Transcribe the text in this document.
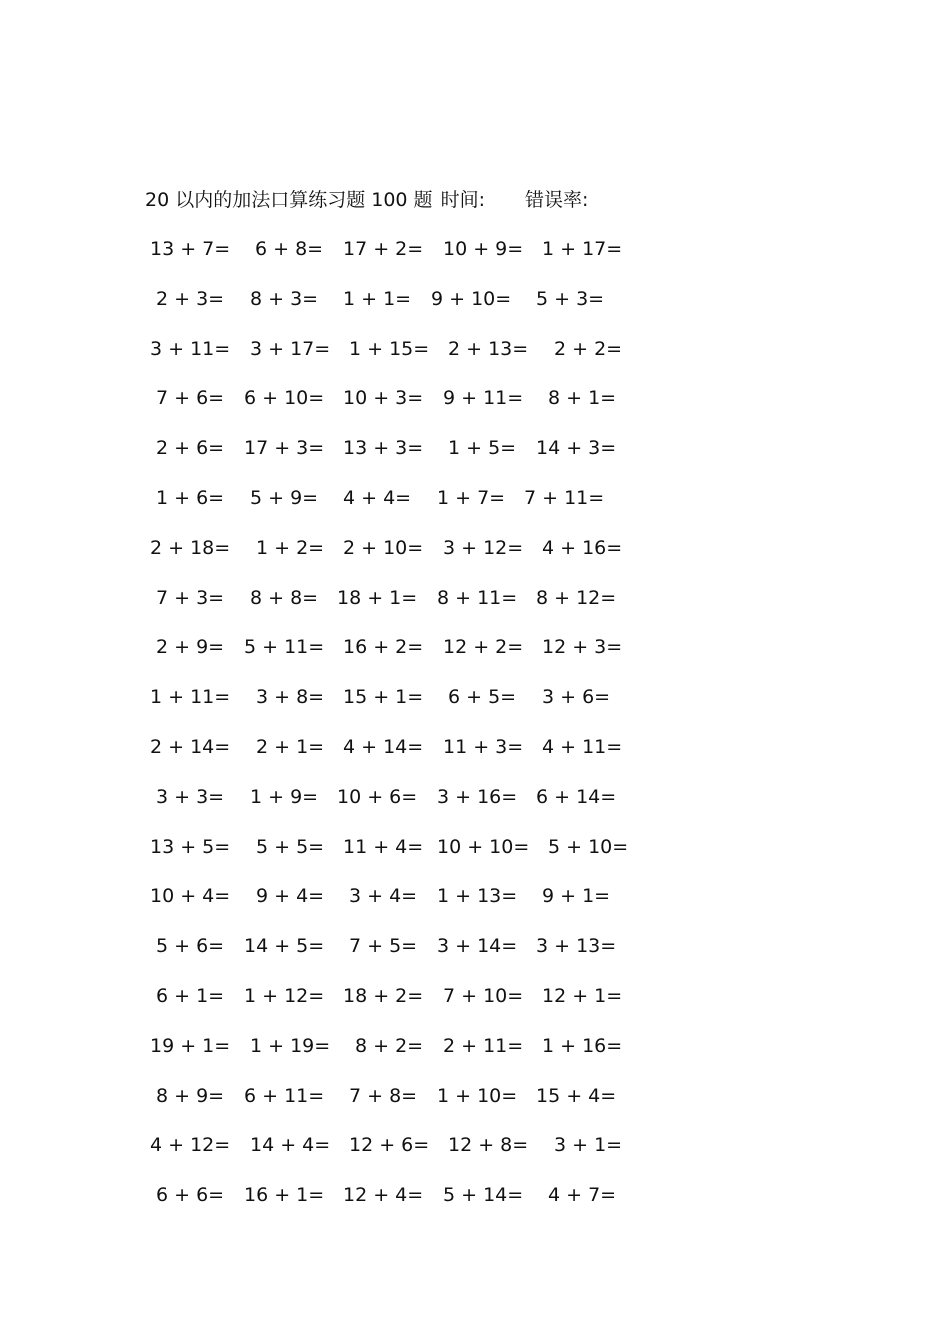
20 以内的加法口算练习题 100 题 时间: 错误率:
13 + 7= 6 + 8= 17 + 2= 10 + 9= 1 + 17=
2 + 3= 8 + 3= 1 + 1= 9 + 10= 5 + 3=
3 + 11= 3 + 17= 1 + 15= 2 + 13= 2 + 2=
7 + 6= 6 + 10= 10 + 3= 9 + 11= 8 + 1=
2 + 6= 17 + 3= 13 + 3= 1 + 5= 14 + 3=
1 + 6= 5 + 9= 4 + 4= 1 + 7= 7 + 11=
2 + 18= 1 + 2= 2 + 10= 3 + 12= 4 + 16=
7 + 3= 8 + 8= 18 + 1= 8 + 11= 8 + 12=
2 + 9= 5 + 11= 16 + 2= 12 + 2= 12 + 3=
1 + 11= 3 + 8= 15 + 1= 6 + 5= 3 + 6=
2 + 14= 2 + 1= 4 + 14= 11 + 3= 4 + 11=
3 + 3= 1 + 9= 10 + 6= 3 + 16= 6 + 14=
13 + 5= 5 + 5= 11 + 4= 10 + 10= 5 + 10=
10 + 4= 9 + 4= 3 + 4= 1 + 13= 9 + 1=
5 + 6= 14 + 5= 7 + 5= 3 + 14= 3 + 13=
6 + 1= 1 + 12= 18 + 2= 7 + 10= 12 + 1=
19 + 1= 1 + 19= 8 + 2= 2 + 11= 1 + 16=
8 + 9= 6 + 11= 7 + 8= 1 + 10= 15 + 4=
4 + 12= 14 + 4= 12 + 6= 12 + 8= 3 + 1=
6 + 6= 16 + 1= 12 + 4= 5 + 14= 4 + 7=
